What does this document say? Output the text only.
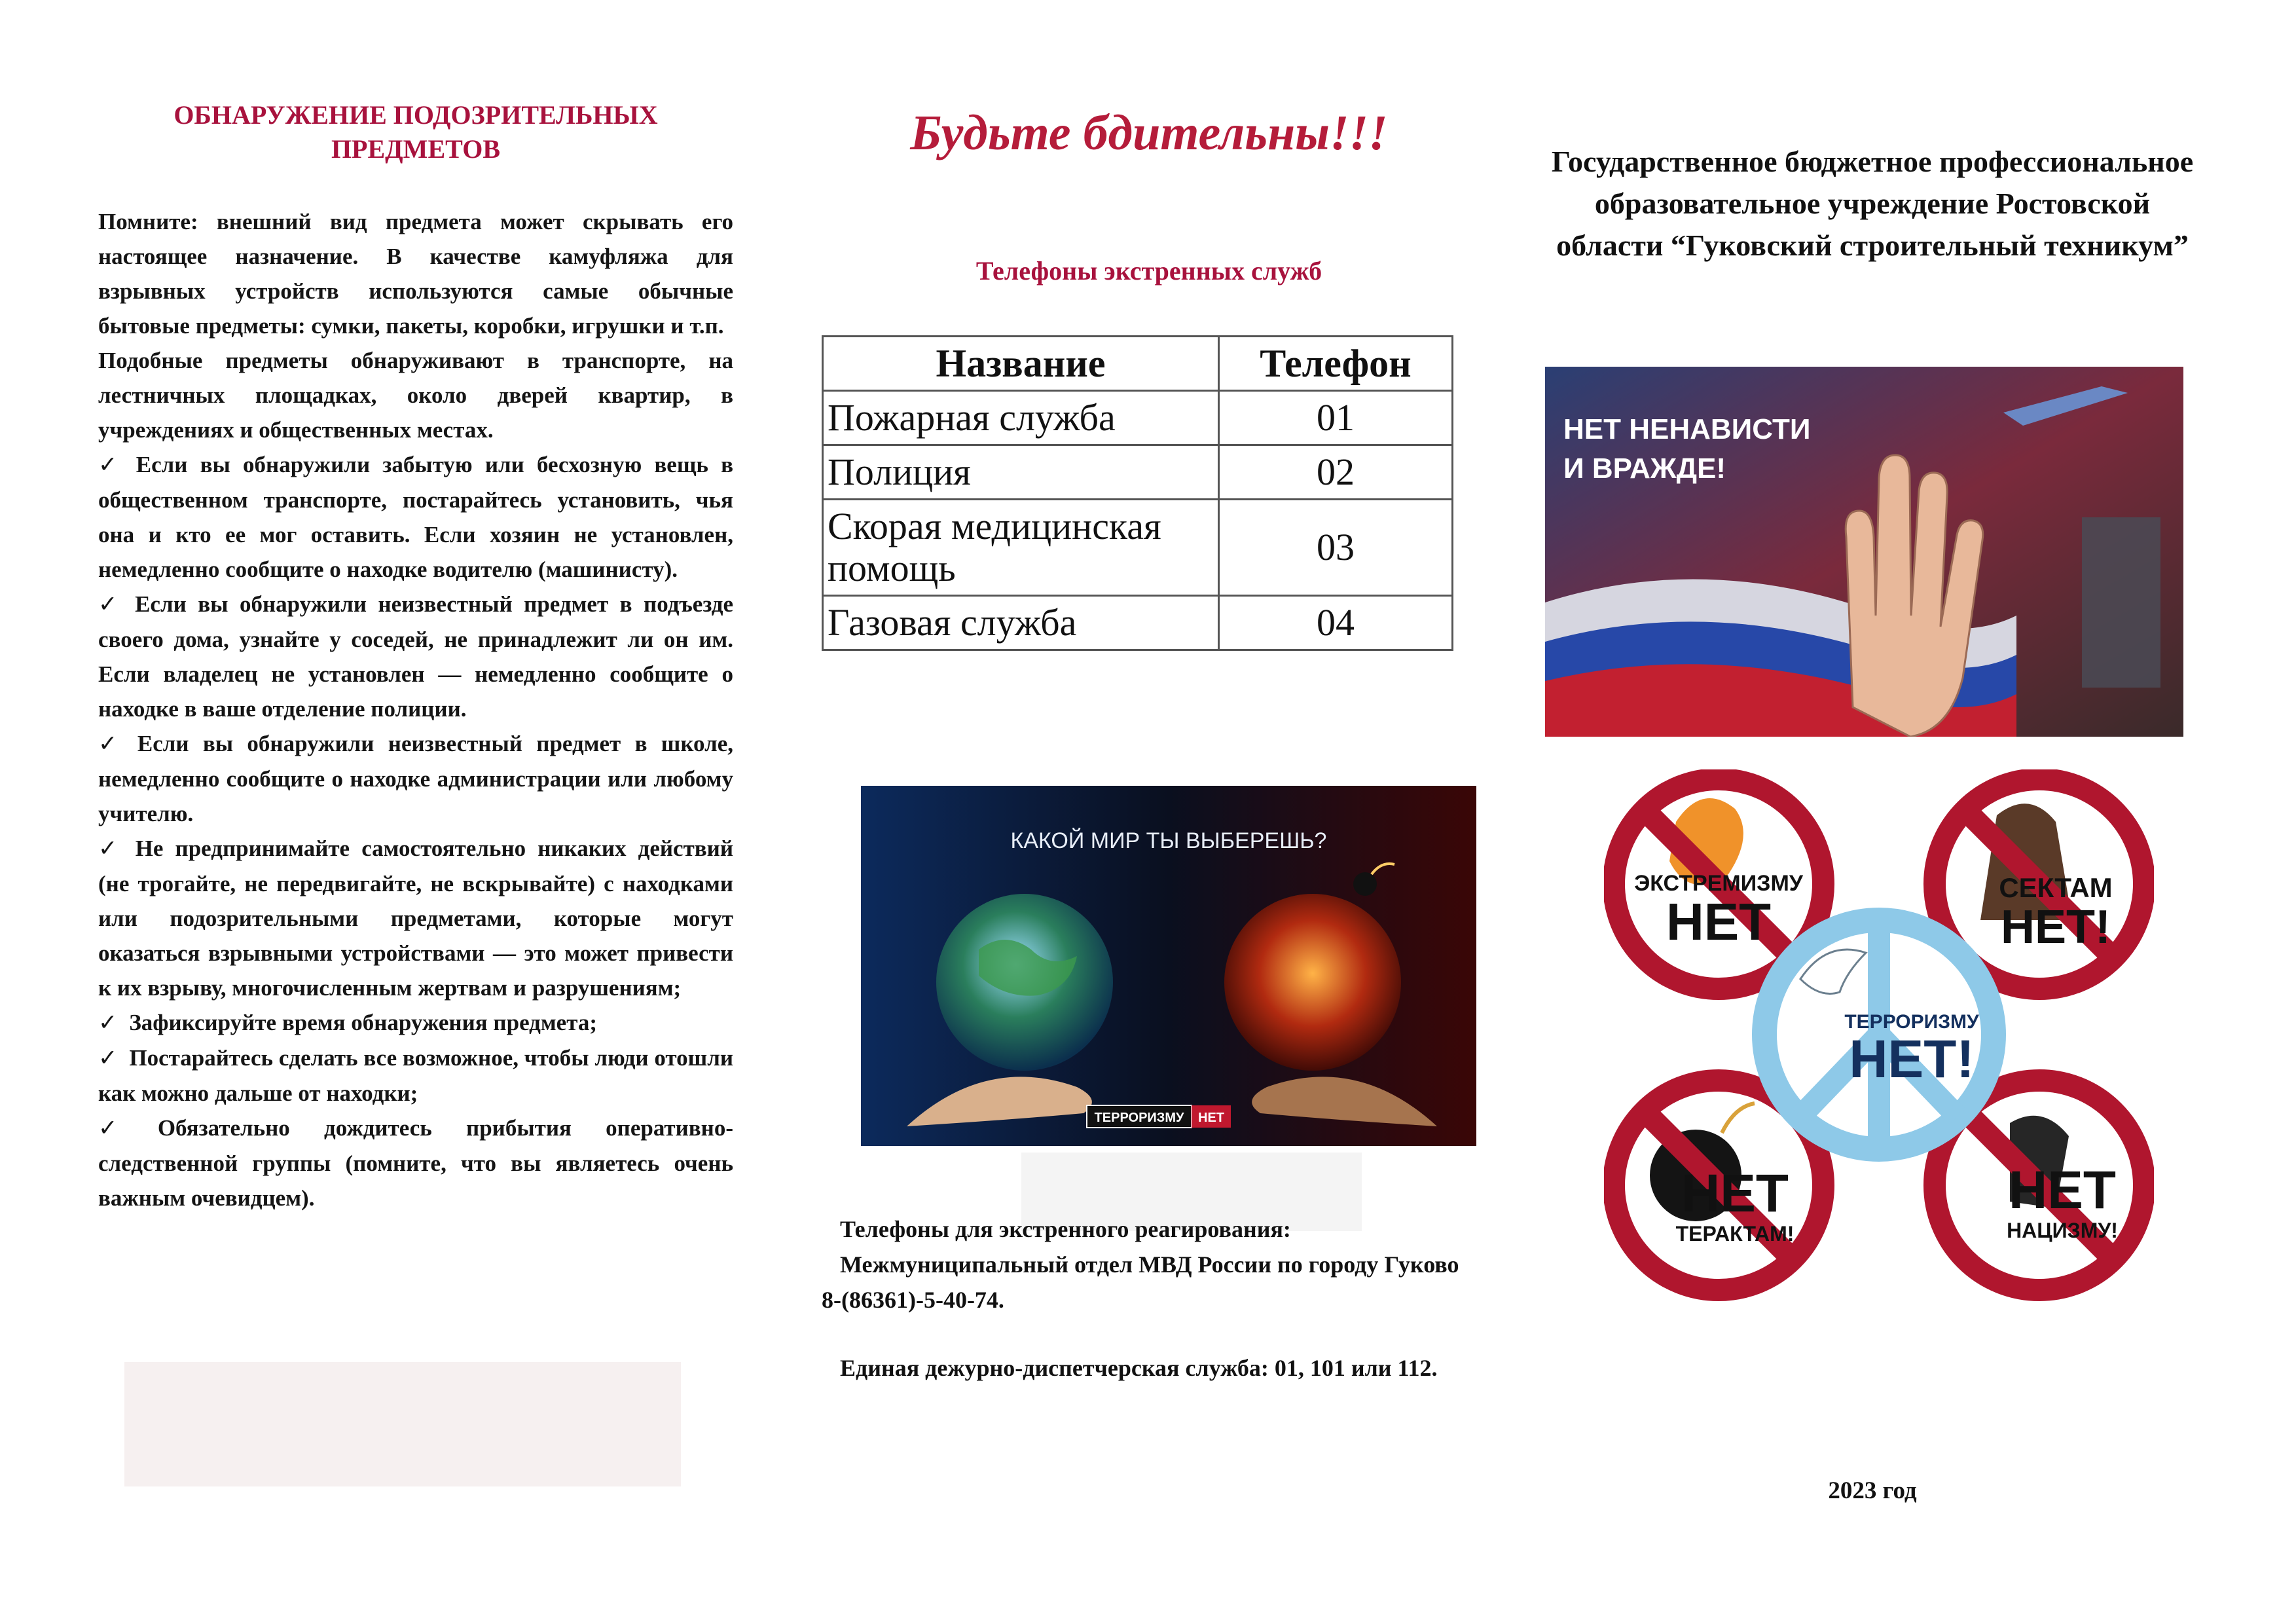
ОБНАРУЖЕНИЕ ПОДОЗРИТЕЛЬНЫХ ПРЕДМЕТОВ

Помните: внешний вид предмета может скрывать его настоящее назначение. В качестве камуфляжа для взрывных устройств используются самые обычные бытовые предметы: сумки, пакеты, коробки, игрушки и т.п.

Подобные предметы обнаруживают в транспорте, на лестничных площадках, около дверей квартир, в учреждениях и общественных местах.

✓ Если вы обнаружили забытую или бесхозную вещь в общественном транспорте, постарайтесь установить, чья она и кто ее мог оставить. Если хозяин не установлен, немедленно сообщите о находке водителю (машинисту).

✓ Если вы обнаружили неизвестный предмет в подъезде своего дома, узнайте у соседей, не принадлежит ли он им. Если владелец не установлен — немедленно сообщите о находке в ваше отделение полиции.

✓ Если вы обнаружили неизвестный предмет в школе, немедленно сообщите о находке администрации или любому учителю.

✓ Не предпринимайте самостоятельно никаких действий (не трогайте, не передвигайте, не вскрывайте) с находками или подозрительными предметами, которые могут оказаться взрывными устройствами — это может привести к их взрыву, многочисленным жертвам и разрушениям;

✓ Зафиксируйте время обнаружения предмета;

✓ Постарайтесь сделать все возможное, чтобы люди отошли как можно дальше от находки;

✓ Обязательно дождитесь прибытия оперативно-следственной группы (помните, что вы являетесь очень важным очевидцем).

Будьте бдительны!!!
Телефоны экстренных служб
Название	Телефон
Пожарная служба	01
Полиция	02
Скорая медицинская помощь	03
Газовая служба	04
КАКОЙ МИР ТЫ ВЫБЕРЕШЬ?
ТЕРРОРИЗМУ НЕТ

Телефоны для экстренного реагирования:

Межмуниципальный отдел МВД России по городу Гуково 8-(86361)-5-40-74.

Единая дежурно-диспетчерская служба: 01, 101 или 112.

Государственное бюджетное профессиональное образовательное учреждение Ростовской области “Гуковский строительный техникум”
НЕТ НЕНАВИСТИ
И ВРАЖДЕ!
ЭКСТРЕМИЗМУ
НЕТ
СЕКТАМ
НЕТ!
НЕТ
ТЕРАКТАМ!
НЕТ
НАЦИЗМУ!
ТЕРРОРИЗМУ
НЕТ!
2023 год
